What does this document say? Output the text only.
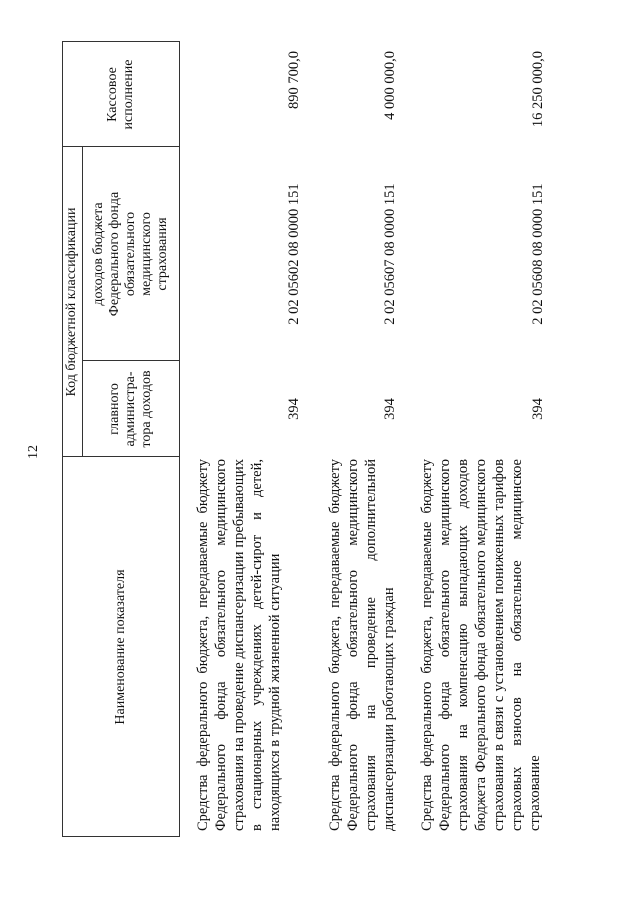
12
Наименование показателя
Код бюджетной классификации
главного администра-тора доходов
доходов бюджета Федерального фонда обязательного медицинского страхования
Кассовое исполнение
Средства федерального бюджета, передаваемые бюджету Федерального фонда обязательного медицинского страхования на проведение диспансеризации пребывающих в стационарных учреждениях детей-сирот и детей, находящихся в трудной жизненной ситуации
394
2 02 05602 08 0000 151
890 700,0
Средства федерального бюджета, передаваемые бюджету Федерального фонда обязательного медицинского страхования на проведение дополнительной диспансеризации работающих граждан
394
2 02 05607 08 0000 151
4 000 000,0
Средства федерального бюджета, передаваемые бюджету Федерального фонда обязательного медицинского страхования на компенсацию выпадающих доходов бюджета Федерального фонда обязательного медицинского страхования в связи с установлением пониженных тарифов страховых взносов на обязательное медицинское страхование
394
2 02 05608 08 0000 151
16 250 000,0
